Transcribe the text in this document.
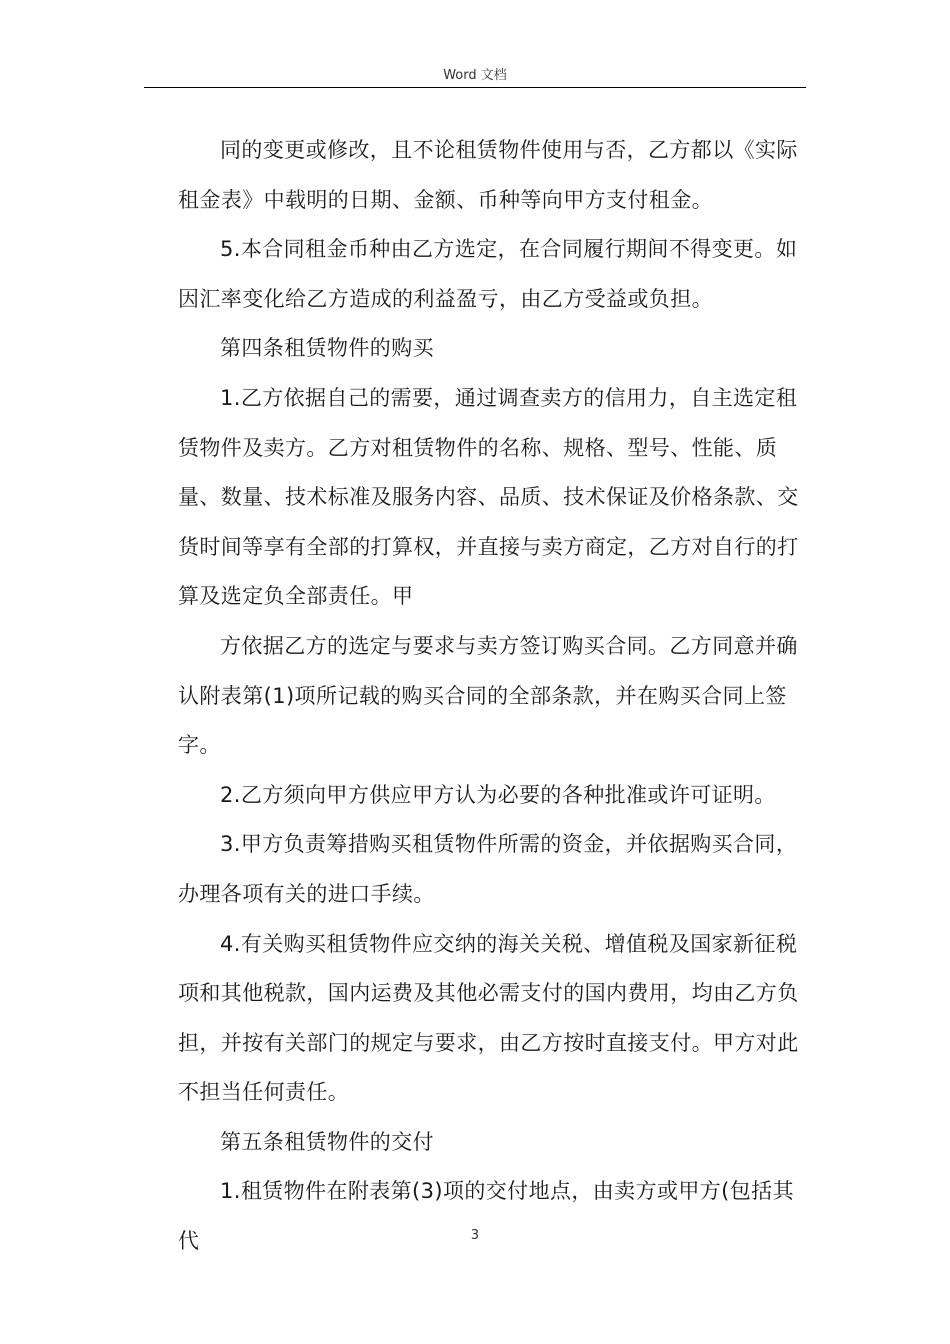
Word 文档

同的变更或修改，且不论租赁物件使用与否，乙方都以《实际租金表》中载明的日期、金额、币种等向甲方支付租金。

5.本合同租金币种由乙方选定，在合同履行期间不得变更。如因汇率变化给乙方造成的利益盈亏，由乙方受益或负担。

第四条租赁物件的购买

1.乙方依据自己的需要，通过调查卖方的信用力，自主选定租赁物件及卖方。乙方对租赁物件的名称、规格、型号、性能、质量、数量、技术标准及服务内容、品质、技术保证及价格条款、交货时间等享有全部的打算权，并直接与卖方商定，乙方对自行的打算及选定负全部责任。甲

方依据乙方的选定与要求与卖方签订购买合同。乙方同意并确认附表第(1)项所记载的购买合同的全部条款，并在购买合同上签字。

2.乙方须向甲方供应甲方认为必要的各种批准或许可证明。

3.甲方负责筹措购买租赁物件所需的资金，并依据购买合同，办理各项有关的进口手续。

4.有关购买租赁物件应交纳的海关关税、增值税及国家新征税项和其他税款，国内运费及其他必需支付的国内费用，均由乙方负担，并按有关部门的规定与要求，由乙方按时直接支付。甲方对此不担当任何责任。

第五条租赁物件的交付

1.租赁物件在附表第(3)项的交付地点，由卖方或甲方(包括其代	3
